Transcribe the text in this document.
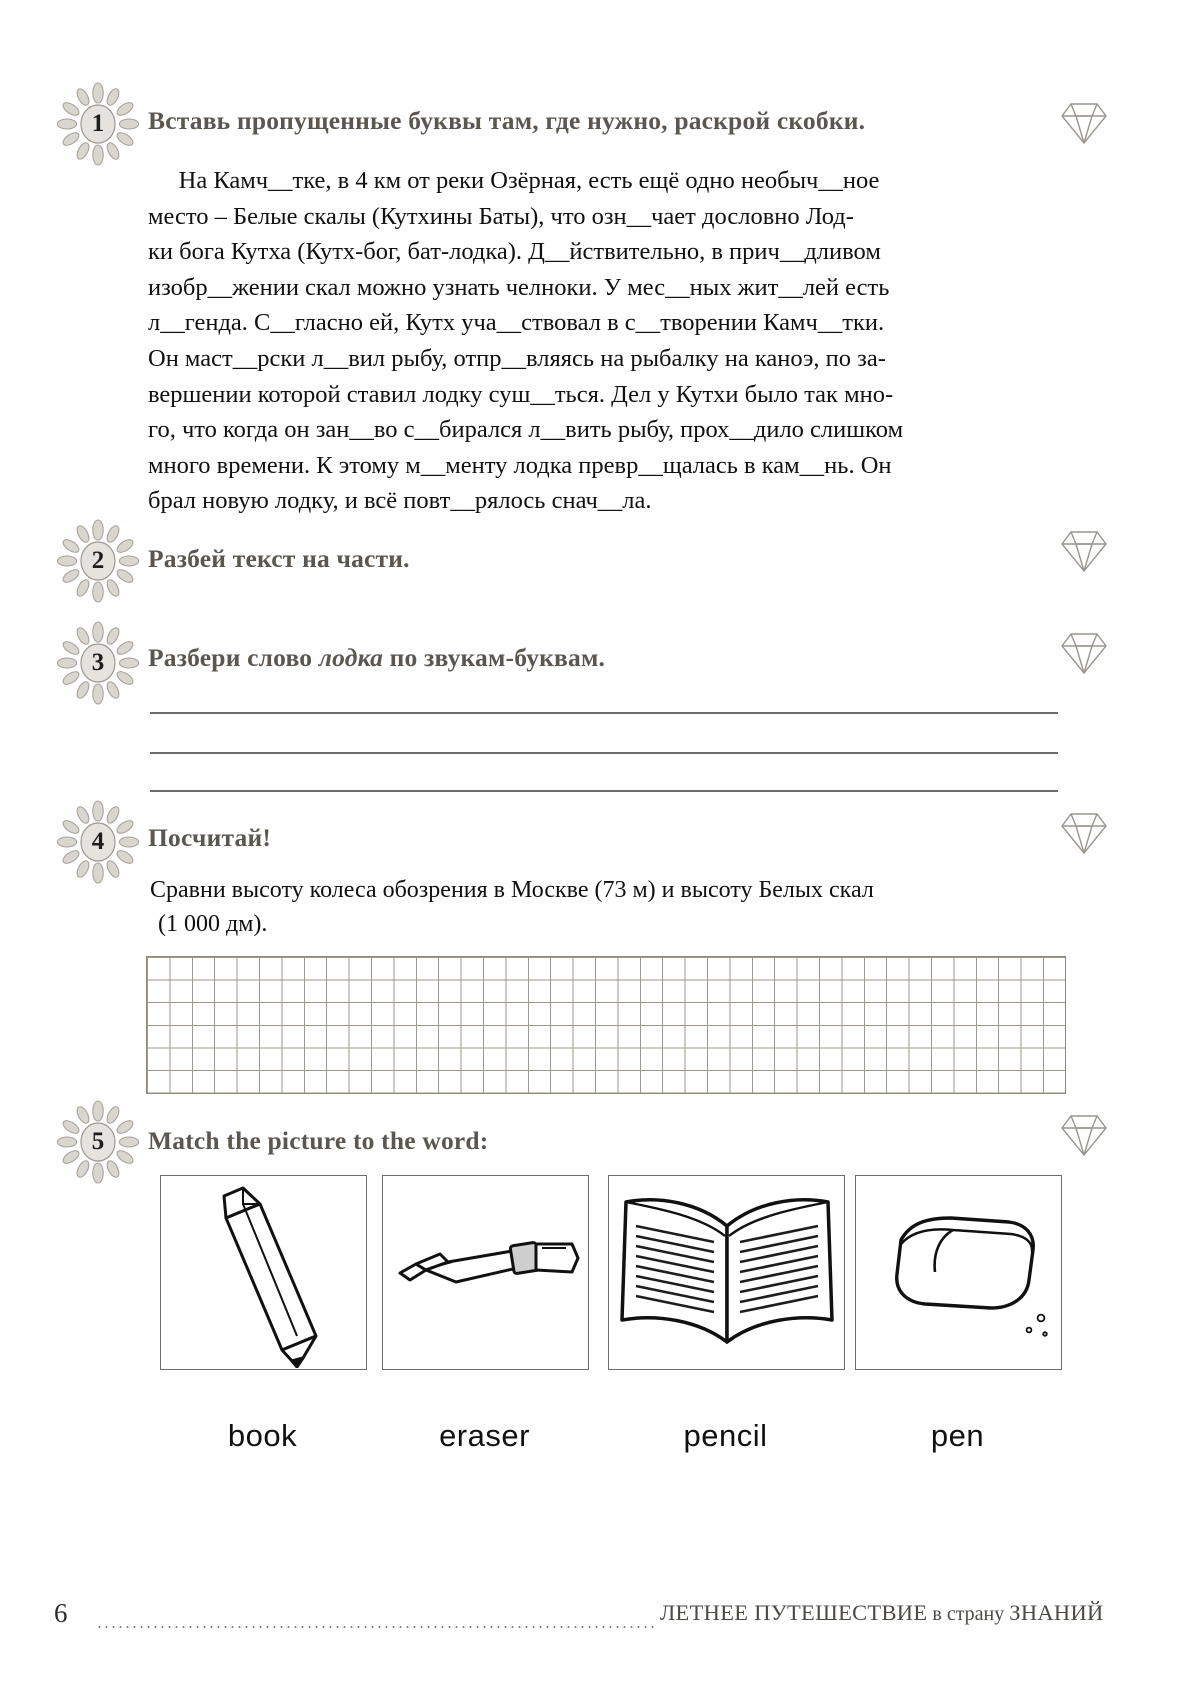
1	Вставь пропущенные буквы там, где нужно, раскрой скобки.
На Камч__тке, в 4 км от реки Озёрная, есть ещё одно необыч__ное
место – Белые скалы (Кутхины Баты), что озн__чает дословно Лод-
ки бога Кутха (Кутх-бог, бат-лодка). Д__йствительно, в прич__дливом
изобр__жении скал можно узнать челноки. У мес__ных жит__лей есть
л__генда. С__гласно ей, Кутх уча__ствовал в с__творении Камч__тки.
Он маст__рски л__вил рыбу, отпр__вляясь на рыбалку на каноэ, по за-
вершении которой ставил лодку суш__ться. Дел у Кутхи было так мно-
го, что когда он зан__во с__бирался л__вить рыбу, прох__дило слишком
много времени. К этому м__менту лодка превр__щалась в кам__нь. Он
брал новую лодку, и всё повт__рялось снач__ла.
2	Разбей текст на части.
3	Разбери слово лодка по звукам-буквам.
4	Посчитай!
Сравни высоту колеса обозрения в Москве (73 м) и высоту Белых скал
(1 000 дм).
5	Match the picture to the word:
book	eraser	pencil	pen
6	ЛЕТНЕЕ ПУТЕШЕСТВИЕ в страну ЗНАНИЙ
